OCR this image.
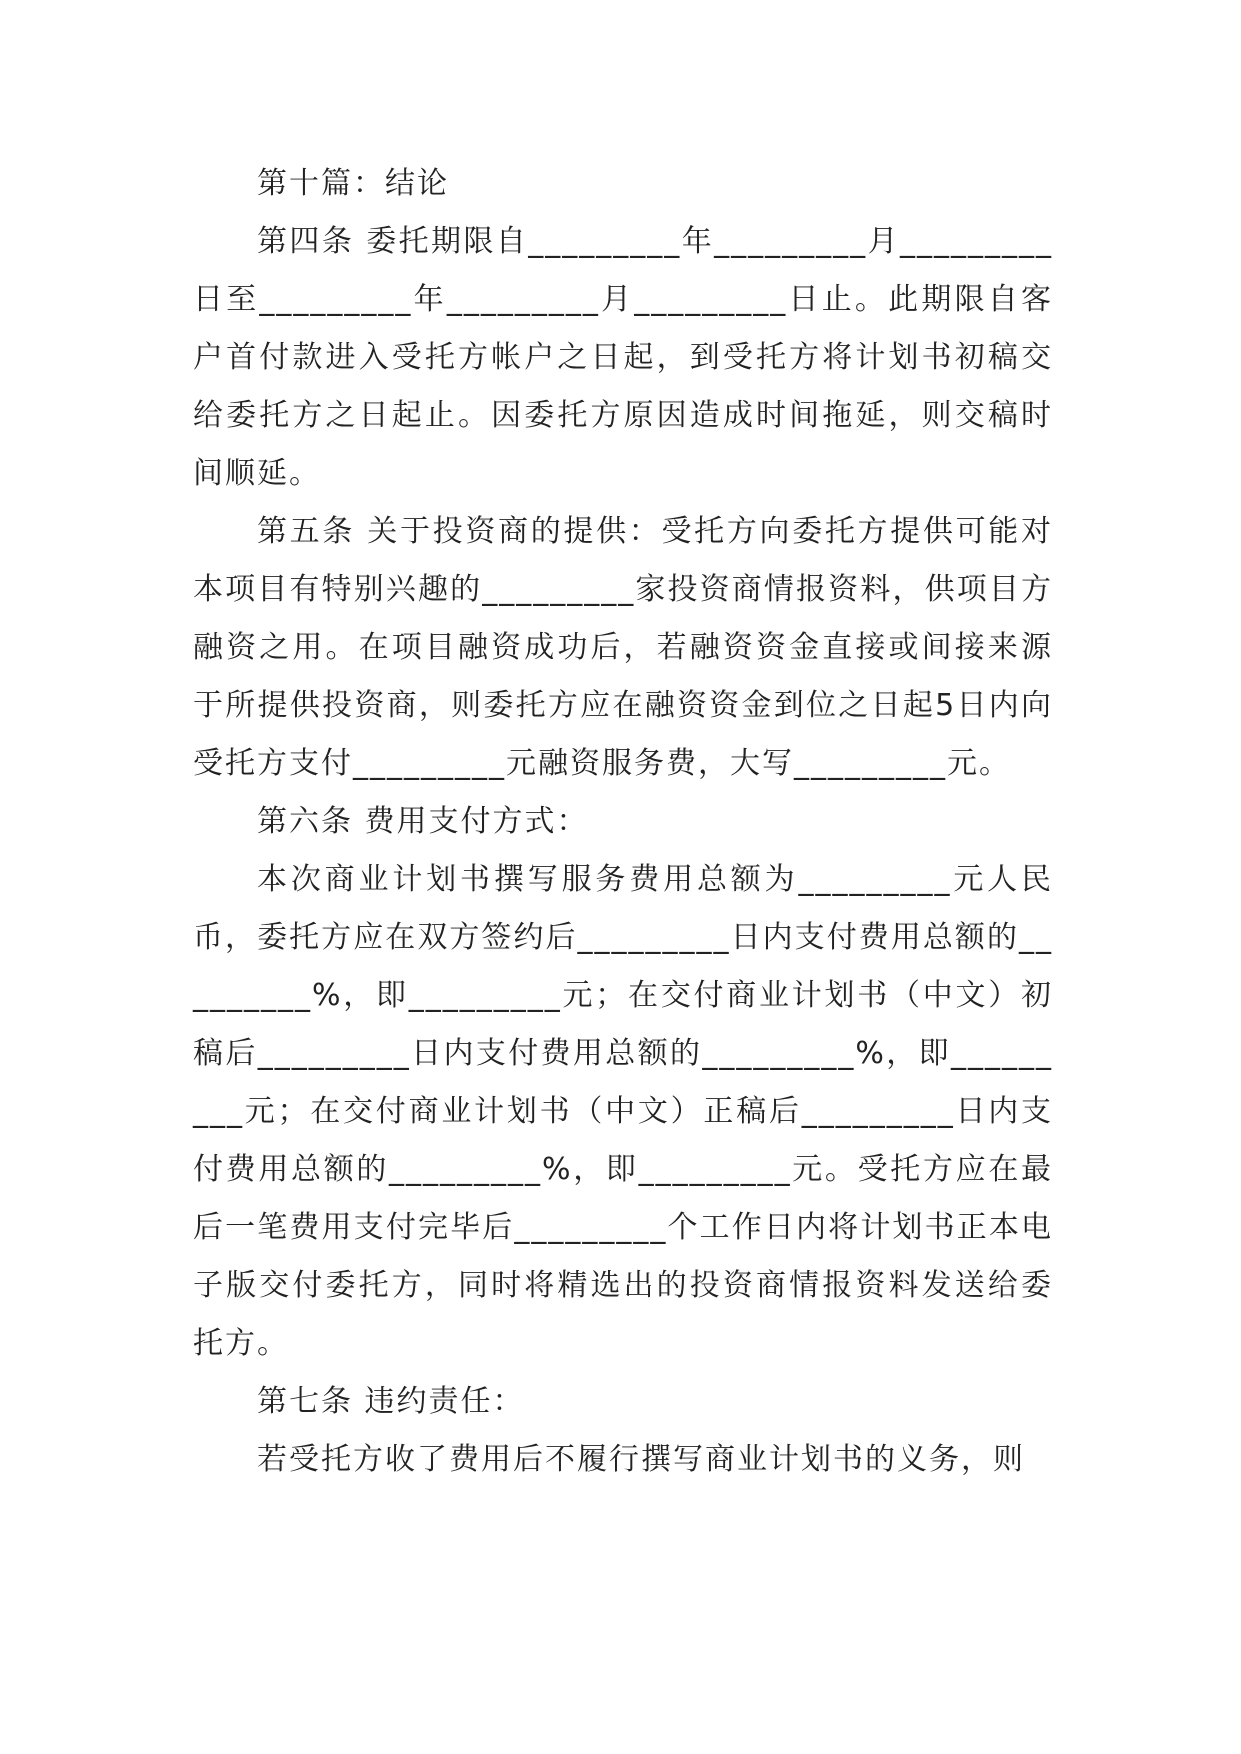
第十篇：结论

第四条 委托期限自_________年_________月_________日至_________年_________月_________日止。此期限自客户首付款进入受托方帐户之日起，到受托方将计划书初稿交给委托方之日起止。因委托方原因造成时间拖延，则交稿时间顺延。

第五条 关于投资商的提供：受托方向委托方提供可能对本项目有特别兴趣的_________家投资商情报资料，供项目方融资之用。在项目融资成功后，若融资资金直接或间接来源于所提供投资商，则委托方应在融资资金到位之日起5日内向受托方支付_________元融资服务费，大写_________元。

第六条 费用支付方式：

本次商业计划书撰写服务费用总额为_________元人民币，委托方应在双方签约后_________日内支付费用总额的_________%，即_________元；在交付商业计划书（中文）初稿后_________日内支付费用总额的_________%，即_________元；在交付商业计划书（中文）正稿后_________日内支付费用总额的_________%，即_________元。受托方应在最后一笔费用支付完毕后_________个工作日内将计划书正本电子版交付委托方，同时将精选出的投资商情报资料发送给委托方。

第七条 违约责任：

若受托方收了费用后不履行撰写商业计划书的义务，则
